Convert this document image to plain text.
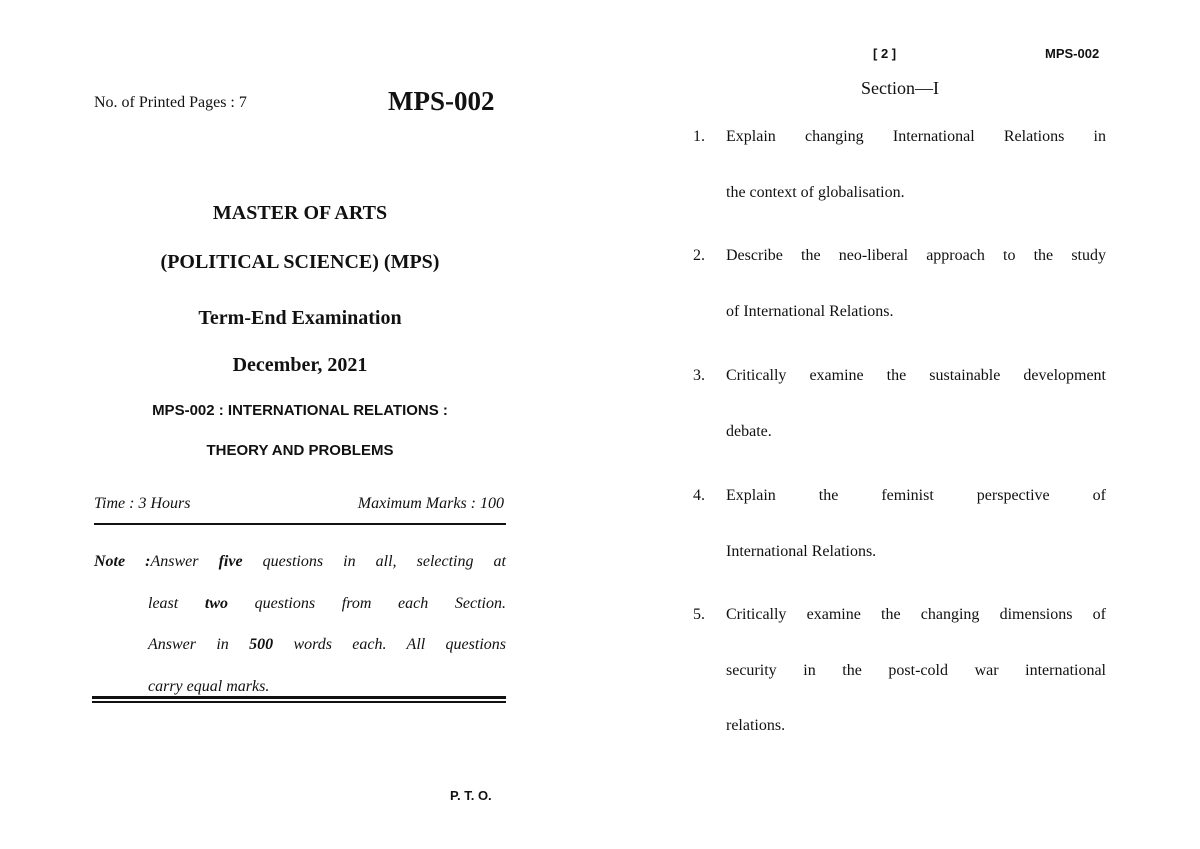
No. of Printed Pages : 7	MPS-002
MASTER OF ARTS
(POLITICAL SCIENCE) (MPS)
Term-End Examination
December, 2021
MPS-002 : INTERNATIONAL RELATIONS :
THEORY AND PROBLEMS
Time : 3 Hours	Maximum Marks : 100
Note :Answer five questions in all, selecting at
least two questions from each Section.
Answer in 500 words each. All questions
carry equal marks.
P. T. O.
[ 2 ]	MPS-002
Section—I
1. Explain changing International Relations in
the context of globalisation.
2. Describe the neo-liberal approach to the study
of International Relations.
3. Critically examine the sustainable development
debate.
4. Explain the feminist perspective of
International Relations.
5. Critically examine the changing dimensions of
security in the post-cold war international
relations.
